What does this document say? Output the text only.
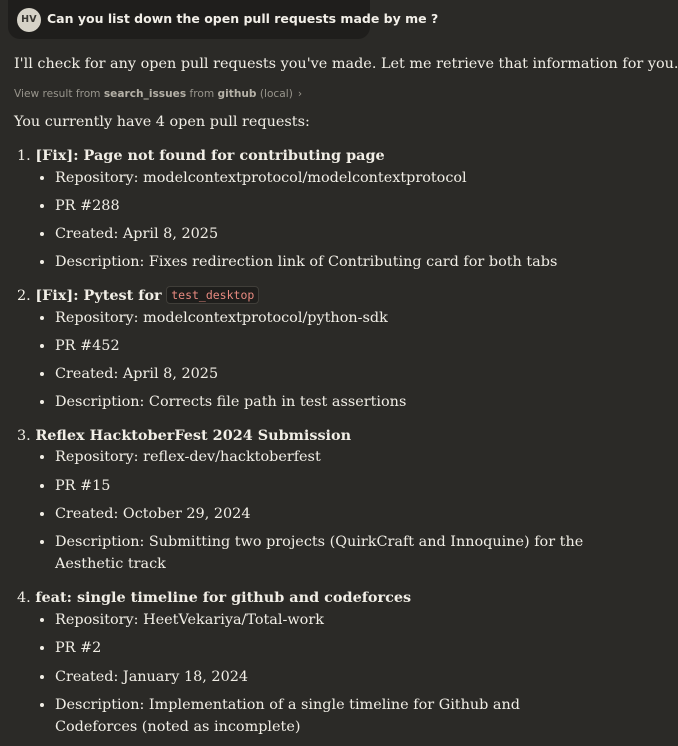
HV Can you list down the open pull requests made by me ?
I'll check for any open pull requests you've made. Let me retrieve that information for you.
View result from search_issues from github (local) ›
You currently have 4 open pull requests:
1. [Fix]: Page not found for contributing page
Repository: modelcontextprotocol/modelcontextprotocol
PR #288
Created: April 8, 2025
Description: Fixes redirection link of Contributing card for both tabs
2. [Fix]: Pytest for test_desktop
Repository: modelcontextprotocol/python-sdk
PR #452
Created: April 8, 2025
Description: Corrects file path in test assertions
3. Reflex HacktoberFest 2024 Submission
Repository: reflex-dev/hacktoberfest
PR #15
Created: October 29, 2024
Description: Submitting two projects (QuirkCraft and Innoquine) for the Aesthetic track
4. feat: single timeline for github and codeforces
Repository: HeetVekariya/Total-work
PR #2
Created: January 18, 2024
Description: Implementation of a single timeline for Github and Codeforces (noted as incomplete)
